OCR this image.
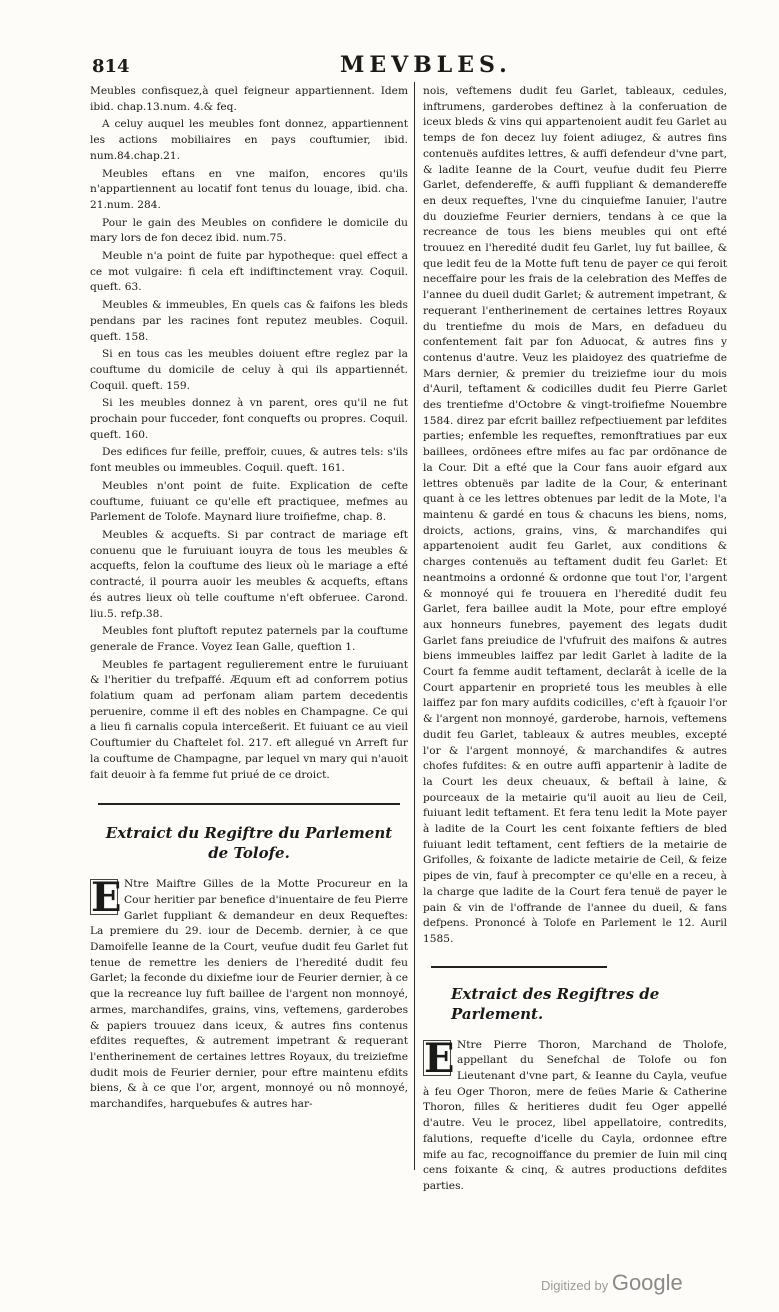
814	MEVBLES.

Meubles confisquez,à quel feigneur appartiennent. Idem ibid. chap.13.num. 4.& feq.

A celuy auquel les meubles font donnez, appartiennent les actions mobiliaires en pays couftumier, ibid. num.84.chap.21.

Meubles eftans en vne maifon, encores qu'ils n'appartiennent au locatif font tenus du louage, ibid. cha. 21.num. 284.

Pour le gain des Meubles on confidere le domicile du mary lors de fon decez ibid. num.75.

Meuble n'a point de fuite par hypotheque: quel effect a ce mot vulgaire: fi cela eft indiftinctement vray. Coquil. queft. 63.

Meubles & immeubles, En quels cas & faifons les bleds pendans par les racines font reputez meubles. Coquil. queft. 158.

Si en tous cas les meubles doiuent eftre reglez par la couftume du domicile de celuy à qui ils appartiennét. Coquil. queft. 159.

Si les meubles donnez à vn parent, ores qu'il ne fut prochain pour fucceder, font conquefts ou propres. Coquil. queft. 160.

Des edifices fur feille, preffoir, cuues, & autres tels: s'ils font meubles ou immeubles. Coquil. queft. 161.

Meubles n'ont point de fuite. Explication de cefte couftume, fuiuant ce qu'elle eft practiquee, mefmes au Parlement de Tolofe. Maynard liure troifiefme, chap. 8.

Meubles & acquefts. Si par contract de mariage eft conuenu que le furuiuant iouyra de tous les meubles & acquefts, felon la couftume des lieux où le mariage a efté contracté, il pourra auoir les meubles & acquefts, eftans és autres lieux où telle couftume n'eft obferuee. Carond. liu.5. refp.38.

Meubles font pluftoft reputez paternels par la couftume generale de France. Voyez Iean Galle, queftion 1.

Meubles fe partagent regulierement entre le furuiuant & l'heritier du trefpaffé. Æquum eft ad conforrem potius folatium quam ad perfonam aliam partem decedentis peruenire, comme il eft des nobles en Champagne. Ce qui a lieu fi carnalis copula interceßerit. Et fuiuant ce au vieil Couftumier du Chaftelet fol. 217. eft allegué vn Arreft fur la couftume de Champagne, par lequel vn mary qui n'auoit fait deuoir à fa femme fut priué de ce droict.

Extraict du Regiftre du Parlement de Tolofe.

E Ntre Maiftre Gilles de la Motte Procureur en la Cour heritier par benefice d'inuentaire de feu Pierre Garlet fuppliant & demandeur en deux Requeftes: La premiere du 29. iour de Decemb. dernier, à ce que Damoifelle Ieanne de la Court, veufue dudit feu Garlet fut tenue de remettre les deniers de l'heredité dudit feu Garlet; la feconde du dixiefme iour de Feurier dernier, à ce que la recreance luy fuft baillee de l'argent non monnoyé, armes, marchandifes, grains, vins, veftemens, garderobes & papiers trouuez dans iceux, & autres fins contenus efdites requeftes, & autrement impetrant & requerant l'entherinement de certaines lettres Royaux, du treiziefme dudit mois de Feurier dernier, pour eftre maintenu efdits biens, & à ce que l'or, argent, monnoyé ou nô monnoyé, marchandifes, harquebufes & autres har-

nois, veftemens dudit feu Garlet, tableaux, cedules, inftrumens, garderobes deftinez à la conferuation de iceux bleds & vins qui appartenoient audit feu Garlet au temps de fon decez luy foient adiugez, & autres fins contenuës aufdites lettres, & auffi defendeur d'vne part, & ladite Ieanne de la Court, veufue dudit feu Pierre Garlet, defendereffe, & auffi fuppliant & demandereffe en deux requeftes, l'vne du cinquiefme Ianuier, l'autre du douziefme Feurier derniers, tendans à ce que la recreance de tous les biens meubles qui ont efté trouuez en l'heredité dudit feu Garlet, luy fut baillee, & que ledit feu de la Motte fuft tenu de payer ce qui feroit neceffaire pour les frais de la celebration des Meffes de l'annee du dueil dudit Garlet; & autrement impetrant, & requerant l'entherinement de certaines lettres Royaux du trentiefme du mois de Mars, en defadueu du confentement fait par fon Aduocat, & autres fins y contenus d'autre. Veuz les plaidoyez des quatriefme de Mars dernier, & premier du treiziefme iour du mois d'Auril, teftament & codicilles dudit feu Pierre Garlet des trentiefme d'Octobre & vingt-troifiefme Nouembre 1584. direz par efcrit baillez refpectiuement par lefdites parties; enfemble les requeftes, remonftratiues par eux baillees, ordõnees eftre mifes au fac par ordõnance de la Cour. Dit a efté que la Cour fans auoir efgard aux lettres obtenuës par ladite de la Cour, & enterinant quant à ce les lettres obtenues par ledit de la Mote, l'a maintenu & gardé en tous & chacuns les biens, noms, droicts, actions, grains, vins, & marchandifes qui appartenoient audit feu Garlet, aux conditions & charges contenuës au teftament dudit feu Garlet: Et neantmoins a ordonné & ordonne que tout l'or, l'argent & monnoyé qui fe trouuera en l'heredité dudit feu Garlet, fera baillee audit la Mote, pour eftre employé aux honneurs funebres, payement des legats dudit Garlet fans preiudice de l'vfufruit des maifons & autres biens immeubles laiffez par ledit Garlet à ladite de la Court fa femme audit teftament, declarât à icelle de la Court appartenir en proprieté tous les meubles à elle laiffez par fon mary aufdits codicilles, c'eft à fçauoir l'or & l'argent non monnoyé, garderobe, harnois, veftemens dudit feu Garlet, tableaux & autres meubles, excepté l'or & l'argent monnoyé, & marchandifes & autres chofes fufdites: & en outre auffi appartenir à ladite de la Court les deux cheuaux, & beftail à laine, & pourceaux de la metairie qu'il auoit au lieu de Ceil, fuiuant ledit teftament. Et fera tenu ledit la Mote payer à ladite de la Court les cent foixante feftiers de bled fuiuant ledit teftament, cent feftiers de la metairie de Grifolles, & foixante de ladicte metairie de Ceil, & feize pipes de vin, fauf à precompter ce qu'elle en a receu, à la charge que ladite de la Court fera tenuë de payer le pain & vin de l'offrande de l'annee du dueil, & fans defpens. Prononcé à Tolofe en Parlement le 12. Auril 1585.

Extraict des Regiftres de Parlement.

E Ntre Pierre Thoron, Marchand de Tholofe, appellant du Senefchal de Tolofe ou fon Lieutenant d'vne part, & Ieanne du Cayla, veufue à feu Oger Thoron, mere de feües Marie & Catherine Thoron, filles & heritieres dudit feu Oger appellé d'autre. Veu le procez, libel appellatoire, contredits, falutions, requefte d'icelle du Cayla, ordonnee eftre mife au fac, recognoiffance du premier de Iuin mil cinq cens foixante & cinq, & autres productions defdites parties.

Digitized by Google
